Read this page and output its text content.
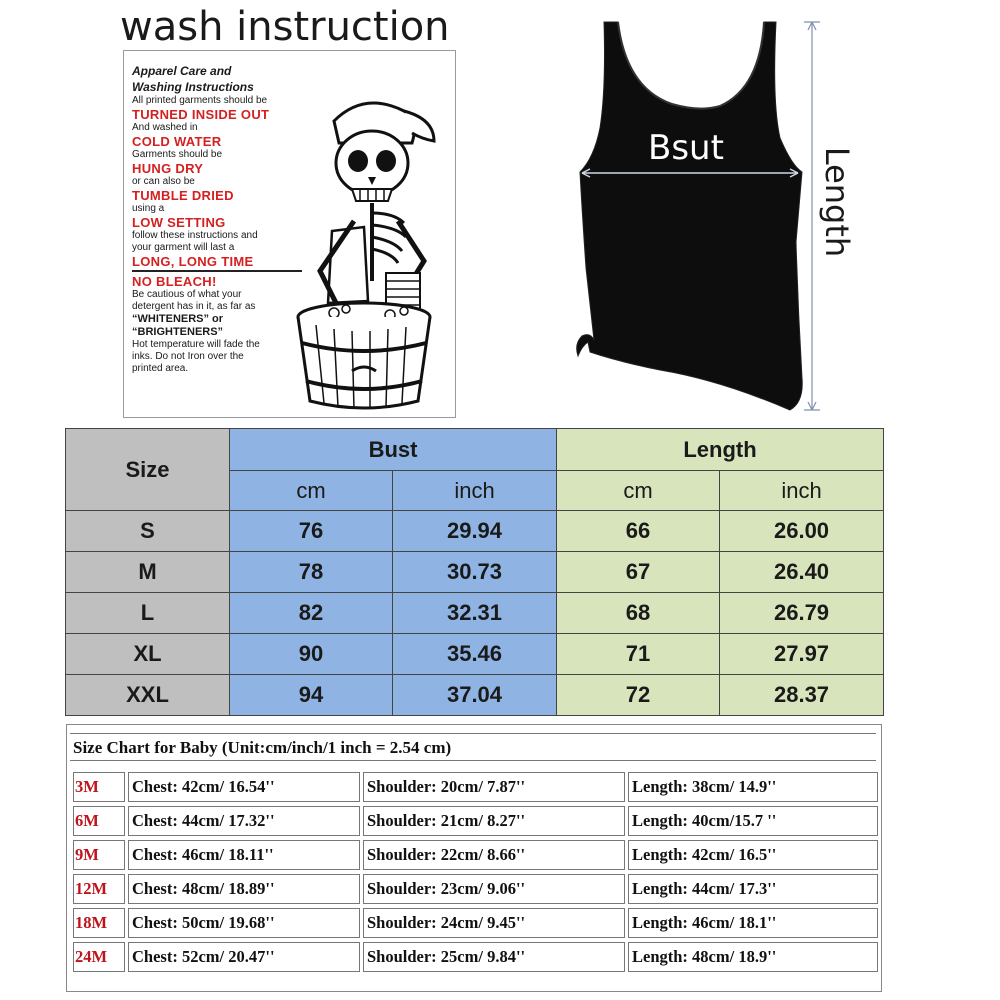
wash instruction
Apparel Care and
Washing Instructions
All printed garments should be
TURNED INSIDE OUT
And washed in
COLD WATER
Garments should be
HUNG DRY
or can also be
TUMBLE DRIED
using a
LOW SETTING
follow these instructions and
your garment will last a
LONG, LONG TIME
NO BLEACH!
Be cautious of what your
detergent has in it, as far as
“WHITENERS” or
“BRIGHTENERS”
Hot temperature will fade the
inks. Do not Iron over the
printed area.
Bsut	Length
Size	Bust		Length	
	cm	inch	cm	inch
S	76	29.94	66	26.00
M	78	30.73	67	26.40
L	82	32.31	68	26.79
XL	90	35.46	71	27.97
XXL	94	37.04	72	28.37
Size Chart for Baby (Unit:cm/inch/1 inch = 2.54 cm)
3M	Chest: 42cm/ 16.54''	Shoulder: 20cm/ 7.87''	Length: 38cm/ 14.9''
6M	Chest: 44cm/ 17.32''	Shoulder: 21cm/ 8.27''	Length: 40cm/15.7 ''
9M	Chest: 46cm/ 18.11''	Shoulder: 22cm/ 8.66''	Length: 42cm/ 16.5''
12M	Chest: 48cm/ 18.89''	Shoulder: 23cm/ 9.06''	Length: 44cm/ 17.3''
18M	Chest: 50cm/ 19.68''	Shoulder: 24cm/ 9.45''	Length: 46cm/ 18.1''
24M	Chest: 52cm/ 20.47''	Shoulder: 25cm/ 9.84''	Length: 48cm/ 18.9''
